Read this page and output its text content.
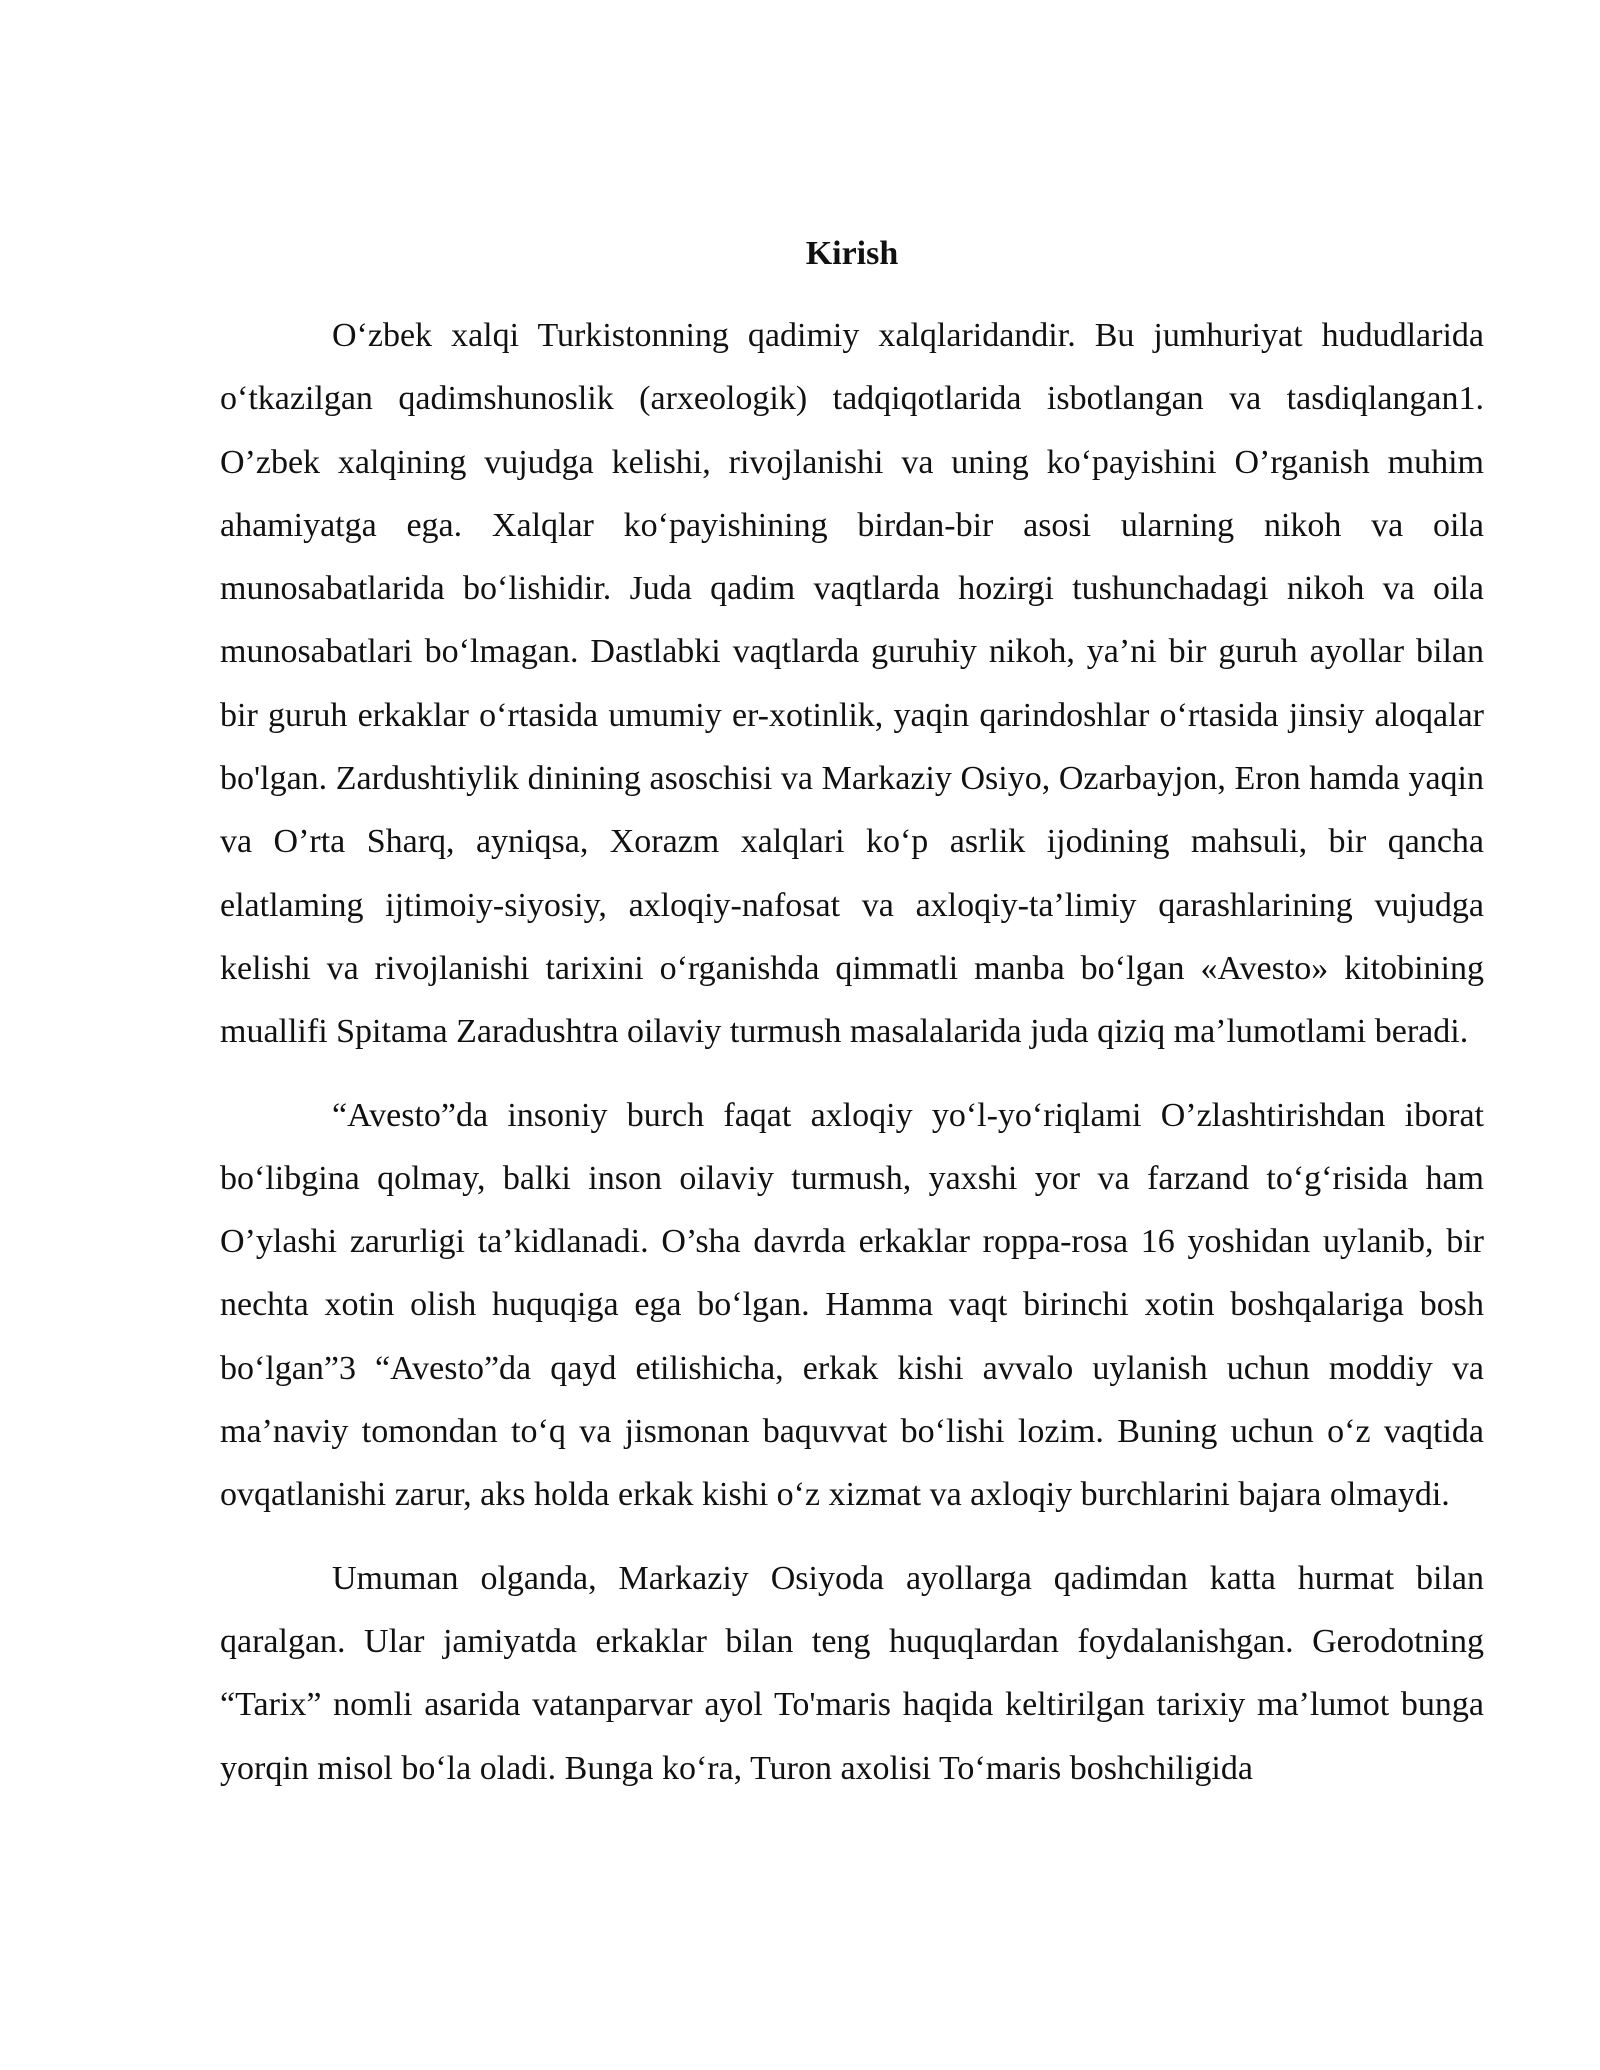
Kirish

O‘zbek xalqi Turkistonning qadimiy xalqlaridandir. Bu jumhuriyat hududlarida o‘tkazilgan qadimshunoslik (arxeologik) tadqiqotlarida isbotlangan va tasdiqlangan1. O’zbek xalqining vujudga kelishi, rivojlanishi va uning ko‘payishini O’rganish muhim ahamiyatga ega. Xalqlar ko‘payishining birdan-bir asosi ularning nikoh va oila munosabatlarida bo‘lishidir. Juda qadim vaqtlarda hozirgi tushunchadagi nikoh va oila munosabatlari bo‘lmagan. Dastlabki vaqtlarda guruhiy nikoh, ya’ni bir guruh ayollar bilan bir guruh erkaklar o‘rtasida umumiy er-xotinlik, yaqin qarindoshlar o‘rtasida jinsiy aloqalar bo'lgan. Zardushtiylik dinining asoschisi va Markaziy Osiyo, Ozarbayjon, Eron hamda yaqin va O’rta Sharq, ayniqsa, Xorazm xalqlari ko‘p asrlik ijodining mahsuli, bir qancha elatlaming ijtimoiy-siyosiy, axloqiy-nafosat va axloqiy-ta’limiy qarashlarining vujudga kelishi va rivojlanishi tarixini o‘rganishda qimmatli manba bo‘lgan «Avesto» kitobining muallifi Spitama Zaradushtra oilaviy turmush masalalarida juda qiziq ma’lumotlami beradi.

“Avesto”da insoniy burch faqat axloqiy yo‘l-yo‘riqlami O’zlashtirishdan iborat bo‘libgina qolmay, balki inson oilaviy turmush, yaxshi yor va farzand to‘g‘risida ham O’ylashi zarurligi ta’kidlanadi. O’sha davrda erkaklar roppa-rosa 16 yoshidan uylanib, bir nechta xotin olish huquqiga ega bo‘lgan. Hamma vaqt birinchi xotin boshqalariga bosh bo‘lgan”3 “Avesto”da qayd etilishicha, erkak kishi avvalo uylanish uchun moddiy va ma’naviy tomondan to‘q va jismonan baquvvat bo‘lishi lozim. Buning uchun o‘z vaqtida ovqatlanishi zarur, aks holda erkak kishi o‘z xizmat va axloqiy burchlarini bajara olmaydi.

Umuman olganda, Markaziy Osiyoda ayollarga qadimdan katta hurmat bilan qaralgan. Ular jamiyatda erkaklar bilan teng huquqlardan foydalanishgan. Gerodotning “Tarix” nomli asarida vatanparvar ayol To'maris haqida keltirilgan tarixiy ma’lumot bunga yorqin misol bo‘la oladi. Bunga ko‘ra, Turon axolisi To‘maris boshchiligida
